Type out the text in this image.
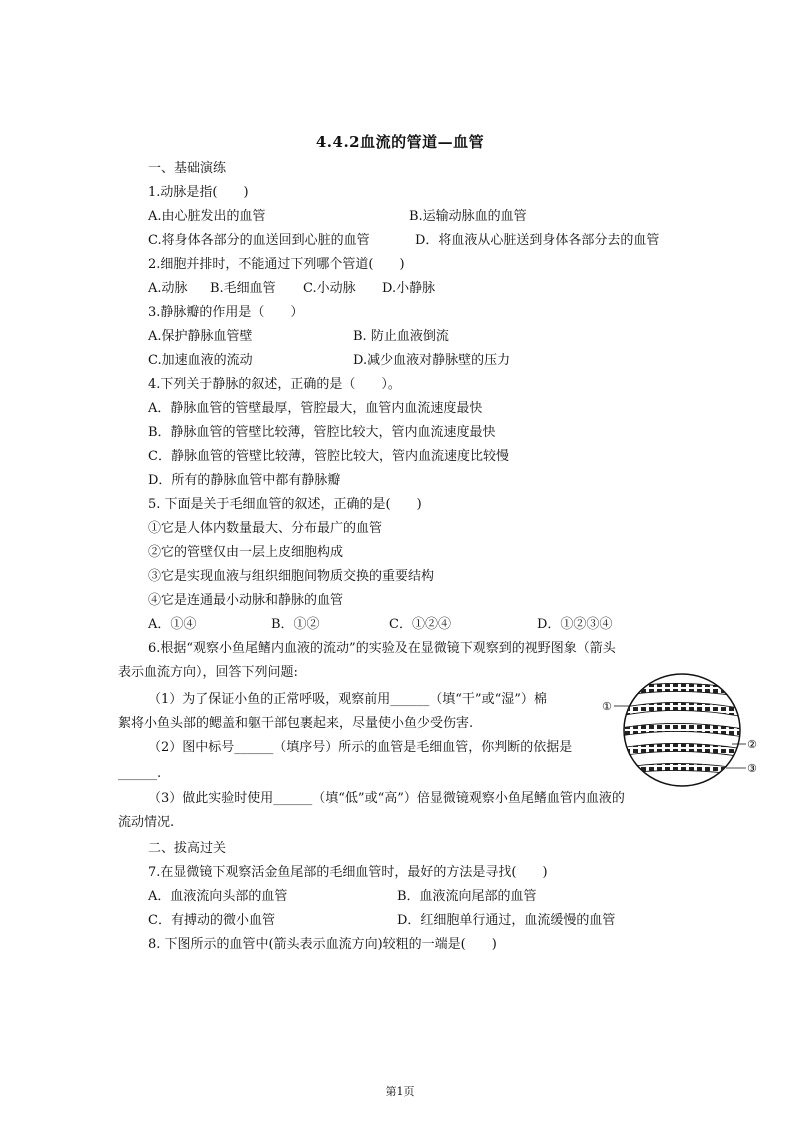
4.4.2血流的管道—血管
一、基础演练
1.动脉是指(　　)
A.由心脏发出的血管	B.运输动脉血的血管
C.将身体各部分的血送回到心脏的血管	D．将血液从心脏送到身体各部分去的血管
2.细胞并排时，不能通过下列哪个管道(　　)
A.动脉 B.毛细血管 C.小动脉 D.小静脉
3.静脉瓣的作用是（　　）
A.保护静脉血管壁	B. 防止血液倒流
C.加速血液的流动	D.减少血液对静脉壁的压力
4.下列关于静脉的叙述，正确的是（　　）。
A．静脉血管的管壁最厚，管腔最大，血管内血流速度最快
B．静脉血管的管壁比较薄，管腔比较大，管内血流速度最快
C．静脉血管的管壁比较薄，管腔比较大，管内血流速度比较慢
D．所有的静脉血管中都有静脉瓣
5. 下面是关于毛细血管的叙述，正确的是(　　)
①它是人体内数量最大、分布最广的血管
②它的管壁仅由一层上皮细胞构成
③它是实现血液与组织细胞间物质交换的重要结构
④它是连通最小动脉和静脉的血管
A．①④	B．①②	C．①②④	D．①②③④
6.根据“观察小鱼尾鳍内血液的流动”的实验及在显微镜下观察到的视野图象（箭头
表示血流方向），回答下列问题:
（1）为了保证小鱼的正常呼吸，观察前用______（填“干”或“湿”）棉
絮将小鱼头部的鳃盖和躯干部包裹起来，尽量使小鱼少受伤害.
（2）图中标号______（填序号）所示的血管是毛细血管，你判断的依据是
______.
（3）做此实验时使用______（填“低”或“高”）倍显微镜观察小鱼尾鳍血管内血液的
流动情况.
①
②
③
二、拔高过关
7.在显微镜下观察活金鱼尾部的毛细血管时，最好的方法是寻找(　　)
A．血液流向头部的血管	B．血液流向尾部的血管
C．有搏动的微小血管	D．红细胞单行通过，血流缓慢的血管
8. 下图所示的血管中(箭头表示血流方向)较粗的一端是(　　)
第1页
